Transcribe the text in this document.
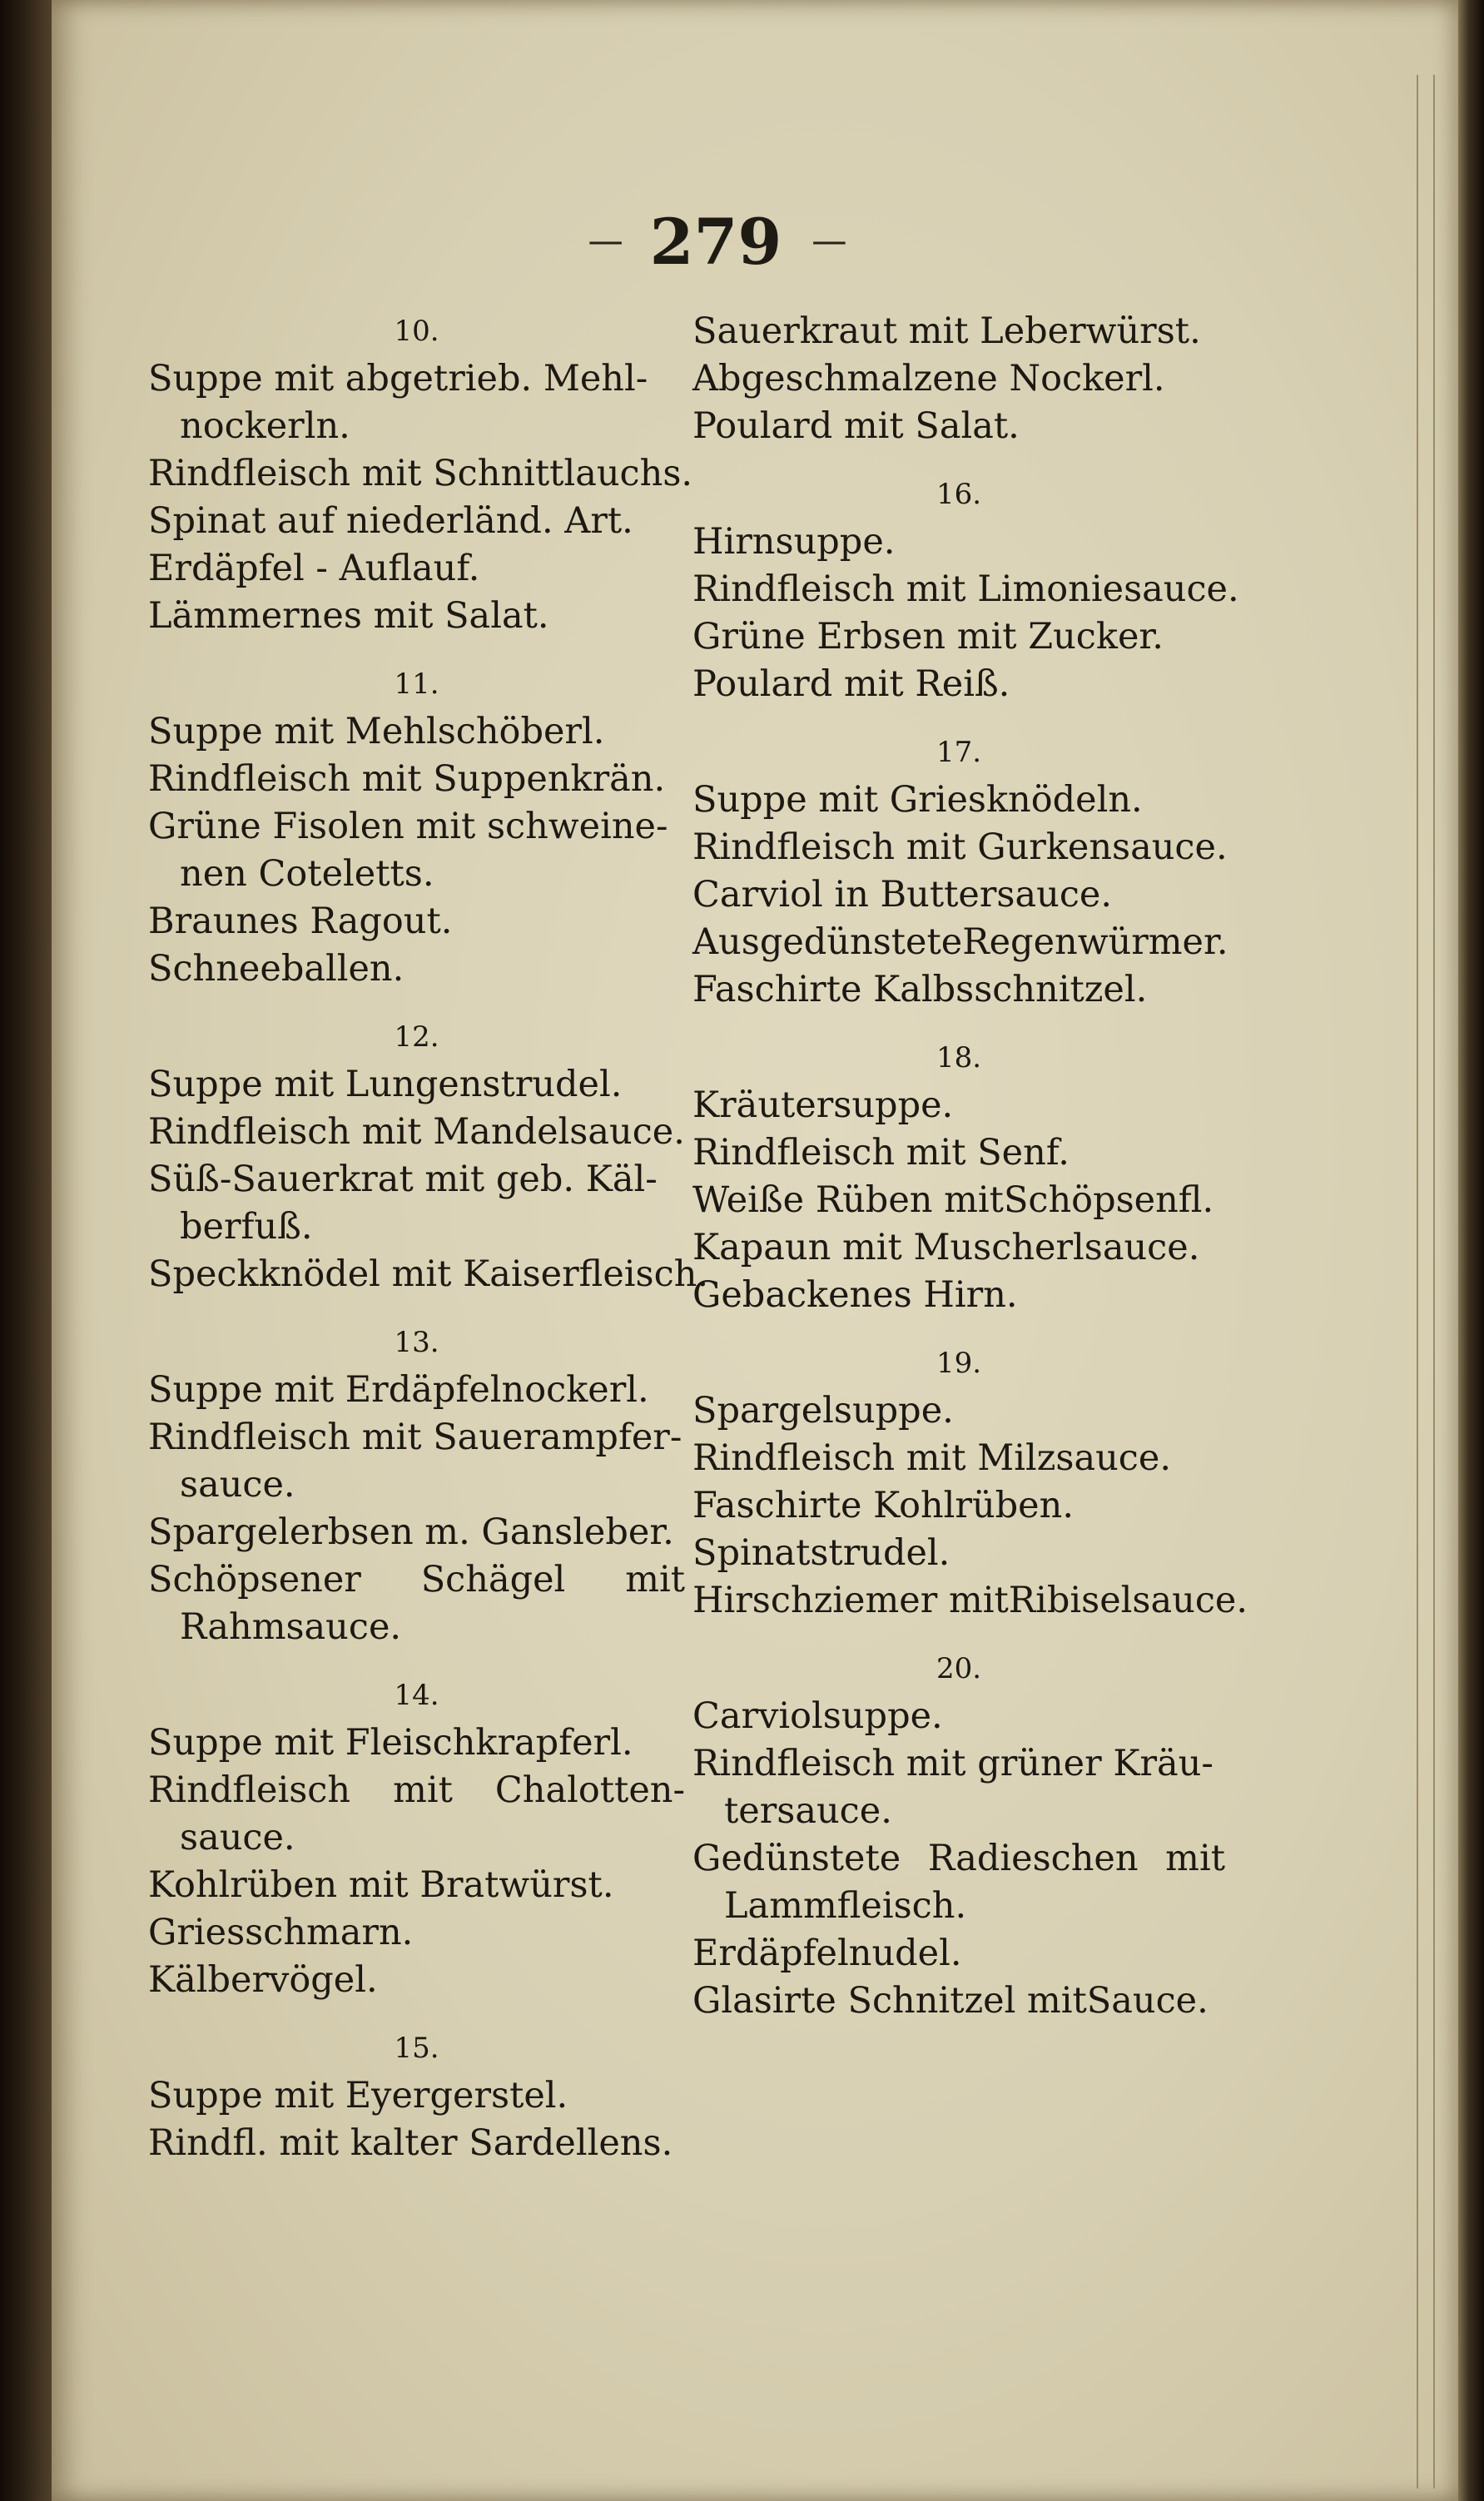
---- 279 ----
10.
Suppe mit abgetrieb. Mehl-
nockerln.
Rindfleisch mit Schnittlauchs.
Spinat auf niederländ. Art.
Erdäpfel - Auflauf.
Lämmernes mit Salat.
11.
Suppe mit Mehlschöberl.
Rindfleisch mit Suppenkrän.
Grüne Fisolen mit schweine-
nen Coteletts.
Braunes Ragout.
Schneeballen.
12.
Suppe mit Lungenstrudel.
Rindfleisch mit Mandelsauce.
Süß-Sauerkrat mit geb. Käl-
berfuß.
Speckknödel mit Kaiserfleisch.
13.
Suppe mit Erdäpfelnockerl.
Rindfleisch mit Sauerampfer-
sauce.
Spargelerbsen m. Gansleber.
Schöpsener Schägel mit
Rahmsauce.
14.
Suppe mit Fleischkrapferl.
Rindfleisch mit Chalotten-
sauce.
Kohlrüben mit Bratwürst.
Griesschmarn.
Kälbervögel.
15.
Suppe mit Eyergerstel.
Rindfl. mit kalter Sardellens.
Sauerkraut mit Leberwürst.
Abgeschmalzene Nockerl.
Poulard mit Salat.
16.
Hirnsuppe.
Rindfleisch mit Limoniesauce.
Grüne Erbsen mit Zucker.
Poulard mit Reiß.
17.
Suppe mit Griesknödeln.
Rindfleisch mit Gurkensauce.
Carviol in Buttersauce.
AusgedünsteteRegenwürmer.
Faschirte Kalbsschnitzel.
18.
Kräutersuppe.
Rindfleisch mit Senf.
Weiße Rüben mitSchöpsenfl.
Kapaun mit Muscherlsauce.
Gebackenes Hirn.
19.
Spargelsuppe.
Rindfleisch mit Milzsauce.
Faschirte Kohlrüben.
Spinatstrudel.
Hirschziemer mitRibiselsauce.
20.
Carviolsuppe.
Rindfleisch mit grüner Kräu-
tersauce.
Gedünstete Radieschen mit
Lammfleisch.
Erdäpfelnudel.
Glasirte Schnitzel mitSauce.
